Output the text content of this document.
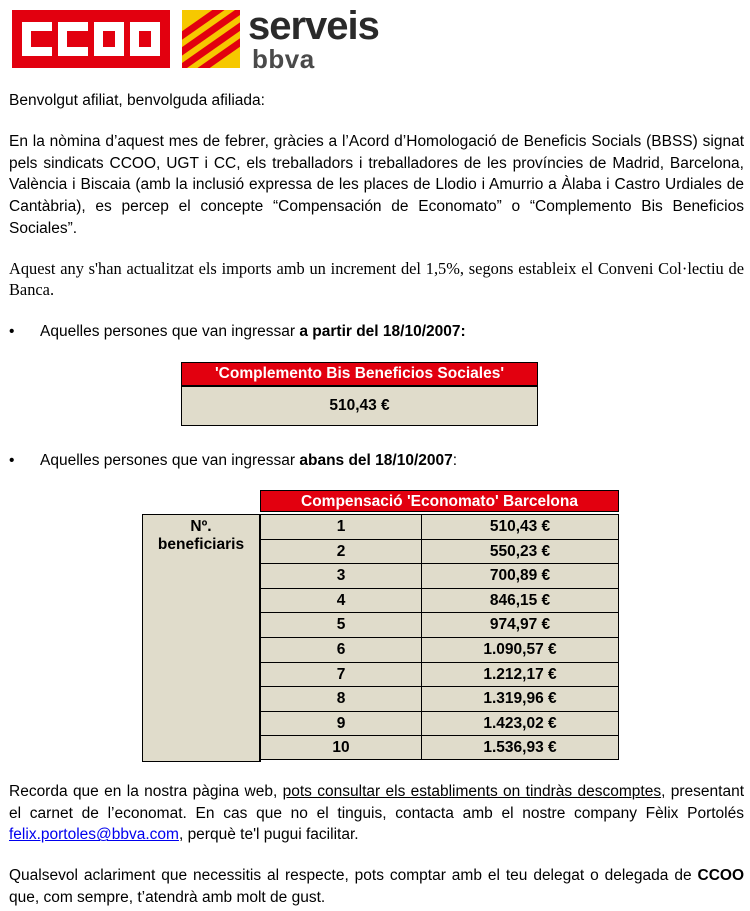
serveis
bbva

Benvolgut afiliat, benvolguda afiliada:

En la nòmina d’aquest mes de febrer, gràcies a l’Acord d’Homologació de Beneficis Socials (BBSS) signat pels sindicats CCOO, UGT i CC, els treballadors i treballadores de les províncies de Madrid, Barcelona, València i Biscaia (amb la inclusió expressa de les places de Llodio i Amurrio a Àlaba i Castro Urdiales de Cantàbria), es percep el concepte “Compensación de Economato” o “Complemento Bis Beneficios Sociales”.

Aquest any s'han actualitzat els imports amb un increment del 1,5%, segons estableix el Conveni Col·lectiu de Banca.

•	Aquelles persones que van ingressar a partir del 18/10/2007:
'Complemento Bis Beneficios Sociales'
510,43 €
•	Aquelles persones que van ingressar abans del 18/10/2007:
Compensació 'Economato' Barcelona
Nº.
beneficiaris
1	510,43 €
2	550,23 €
3	700,89 €
4	846,15 €
5	974,97 €
6	1.090,57 €
7	1.212,17 €
8	1.319,96 €
9	1.423,02 €
10	1.536,93 €

Recorda que en la nostra pàgina web, pots consultar els establiments on tindràs descomptes, presentant el carnet de l’economat. En cas que no el tinguis, contacta amb el nostre company Fèlix Portolés felix.portoles@bbva.com, perquè te'l pugui facilitar.

Qualsevol aclariment que necessitis al respecte, pots comptar amb el teu delegat o delegada de CCOO que, com sempre, t’atendrà amb molt de gust.
